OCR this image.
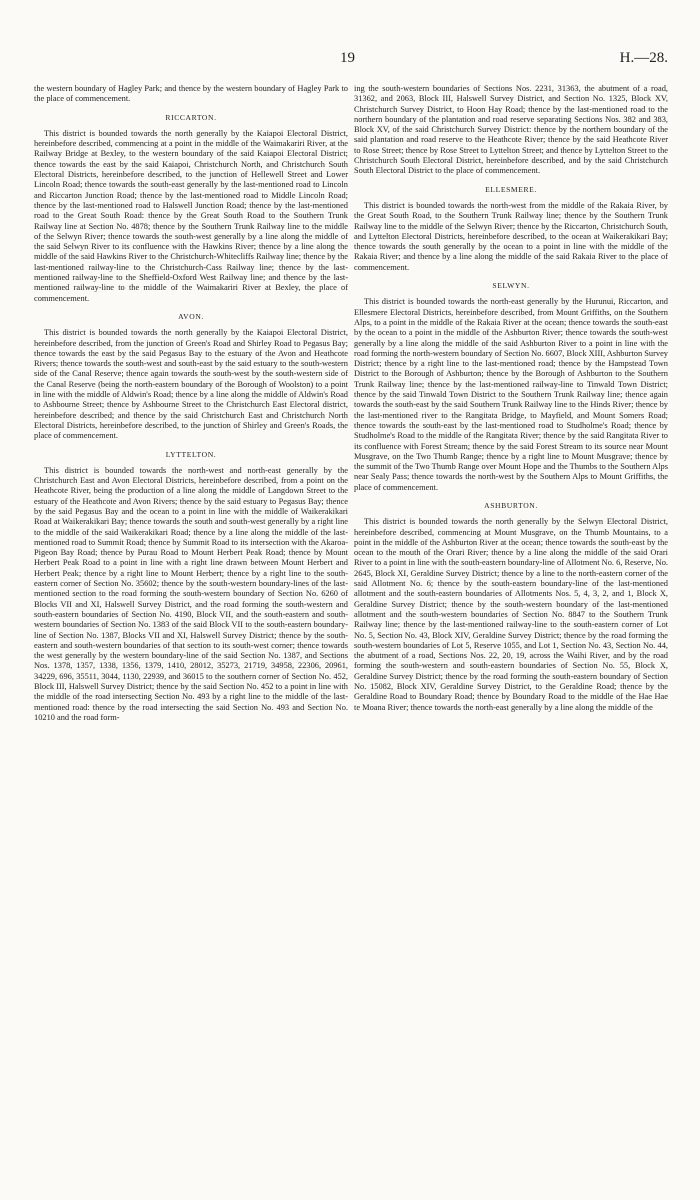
19	H.—28.

the western boundary of Hagley Park; and thence by the western boundary of Hagley Park to the place of commencement.

RICCARTON.

This district is bounded towards the north generally by the Kaiapoi Electoral District, hereinbefore described, commencing at a point in the middle of the Waimakariri River, at the Railway Bridge at Bexley, to the western boundary of the said Kaiapoi Electoral District; thence towards the east by the said Kaiapoi, Christchurch North, and Christchurch South Electoral Districts, hereinbefore described, to the junction of Hellewell Street and Lower Lincoln Road; thence towards the south-east generally by the last-mentioned road to Lincoln and Riccarton Junction Road; thence by the last-mentioned road to Middle Lincoln Road; thence by the last-mentioned road to Halswell Junction Road; thence by the last-mentioned road to the Great South Road: thence by the Great South Road to the Southern Trunk Railway line at Section No. 4878; thence by the Southern Trunk Railway line to the middle of the Selwyn River; thence towards the south-west generally by a line along the middle of the said Selwyn River to its confluence with the Hawkins River; thence by a line along the middle of the said Hawkins River to the Christchurch-Whitecliffs Railway line; thence by the last-mentioned railway-line to the Christchurch-Cass Railway line; thence by the last-mentioned railway-line to the Sheffield-Oxford West Railway line; and thence by the last-mentioned railway-line to the middle of the Waimakariri River at Bexley, the place of commencement.

AVON.

This district is bounded towards the north generally by the Kaiapoi Electoral District, hereinbefore described, from the junction of Green's Road and Shirley Road to Pegasus Bay; thence towards the east by the said Pegasus Bay to the estuary of the Avon and Heathcote Rivers; thence towards the south-west and south-east by the said estuary to the south-western side of the Canal Reserve; thence again towards the south-west by the south-western side of the Canal Reserve (being the north-eastern boundary of the Borough of Woolston) to a point in line with the middle of Aldwin's Road; thence by a line along the middle of Aldwin's Road to Ashbourne Street; thence by Ashbourne Street to the Christchurch East Electoral district, hereinbefore described; and thence by the said Christchurch East and Christchurch North Electoral Districts, hereinbefore described, to the junction of Shirley and Green's Roads, the place of commencement.

LYTTELTON.

This district is bounded towards the north-west and north-east generally by the Christchurch East and Avon Electoral Districts, hereinbefore described, from a point on the Heathcote River, being the production of a line along the middle of Langdown Street to the estuary of the Heathcote and Avon Rivers; thence by the said estuary to Pegasus Bay; thence by the said Pegasus Bay and the ocean to a point in line with the middle of Waikerakikari Road at Waikerakikari Bay; thence towards the south and south-west generally by a right line to the middle of the said Waikerakikari Road; thence by a line along the middle of the last-mentioned road to Summit Road; thence by Summit Road to its intersection with the Akaroa-Pigeon Bay Road; thence by Purau Road to Mount Herbert Peak Road; thence by Mount Herbert Peak Road to a point in line with a right line drawn between Mount Herbert and Herbert Peak; thence by a right line to Mount Herbert; thence by a right line to the south-eastern corner of Section No. 35602; thence by the south-western boundary-lines of the last-mentioned section to the road forming the south-western boundary of Section No. 6260 of Blocks VII and XI, Halswell Survey District, and the road forming the south-western and south-eastern boundaries of Section No. 4190, Block VII, and the south-eastern and south-western boundaries of Section No. 1383 of the said Block VII to the south-eastern boundary-line of Section No. 1387, Blocks VII and XI, Halswell Survey District; thence by the south-eastern and south-western boundaries of that section to its south-west corner; thence towards the west generally by the western boundary-line of the said Section No. 1387, and Sections Nos. 1378, 1357, 1338, 1356, 1379, 1410, 28012, 35273, 21719, 34958, 22306, 20961, 34229, 696, 35511, 3044, 1130, 22939, and 36015 to the southern corner of Section No. 452, Block III, Halswell Survey District; thence by the said Section No. 452 to a point in line with the middle of the road intersecting Section No. 493 by a right line to the middle of the last-mentioned road: thence by the road intersecting the said Section No. 493 and Section No. 10210 and the road form-

ing the south-western boundaries of Sections Nos. 2231, 31363, the abutment of a road, 31362, and 2063, Block III, Halswell Survey District, and Section No. 1325, Block XV, Christchurch Survey District, to Hoon Hay Road; thence by the last-mentioned road to the northern boundary of the plantation and road reserve separating Sections Nos. 382 and 383, Block XV, of the said Christchurch Survey District: thence by the northern boundary of the said plantation and road reserve to the Heathcote River; thence by the said Heathcote River to Rose Street; thence by Rose Street to Lyttelton Street; and thence by Lyttelton Street to the Christchurch South Electoral District, hereinbefore described, and by the said Christchurch South Electoral District to the place of commencement.

ELLESMERE.

This district is bounded towards the north-west from the middle of the Rakaia River, by the Great South Road, to the Southern Trunk Railway line; thence by the Southern Trunk Railway line to the middle of the Selwyn River; thence by the Riccarton, Christchurch South, and Lyttelton Electoral Districts, hereinbefore described, to the ocean at Waikerakikari Bay; thence towards the south generally by the ocean to a point in line with the middle of the Rakaia River; and thence by a line along the middle of the said Rakaia River to the place of commencement.

SELWYN.

This district is bounded towards the north-east generally by the Hurunui, Riccarton, and Ellesmere Electoral Districts, hereinbefore described, from Mount Griffiths, on the Southern Alps, to a point in the middle of the Rakaia River at the ocean; thence towards the south-east by the ocean to a point in the middle of the Ashburton River; thence towards the south-west generally by a line along the middle of the said Ashburton River to a point in line with the road forming the north-western boundary of Section No. 6607, Block XIII, Ashburton Survey District; thence by a right line to the last-mentioned road; thence by the Hampstead Town District to the Borough of Ashburton; thence by the Borough of Ashburton to the Southern Trunk Railway line; thence by the last-mentioned railway-line to Tinwald Town District; thence by the said Tinwald Town District to the Southern Trunk Railway line; thence again towards the south-east by the said Southern Trunk Railway line to the Hinds River; thence by the last-mentioned river to the Rangitata Bridge, to Mayfield, and Mount Somers Road; thence towards the south-east by the last-mentioned road to Studholme's Road; thence by Studholme's Road to the middle of the Rangitata River; thence by the said Rangitata River to its confluence with Forest Stream; thence by the said Forest Stream to its source near Mount Musgrave, on the Two Thumb Range; thence by a right line to Mount Musgrave; thence by the summit of the Two Thumb Range over Mount Hope and the Thumbs to the Southern Alps near Sealy Pass; thence towards the north-west by the Southern Alps to Mount Griffiths, the place of commencement.

ASHBURTON.

This district is bounded towards the north generally by the Selwyn Electoral District, hereinbefore described, commencing at Mount Musgrave, on the Thumb Mountains, to a point in the middle of the Ashburton River at the ocean; thence towards the south-east by the ocean to the mouth of the Orari River; thence by a line along the middle of the said Orari River to a point in line with the south-eastern boundary-line of Allotment No. 6, Reserve, No. 2645, Block XI, Geraldine Survey District; thence by a line to the north-eastern corner of the said Allotment No. 6; thence by the south-eastern boundary-line of the last-mentioned allotment and the south-eastern boundaries of Allotments Nos. 5, 4, 3, 2, and 1, Block X, Geraldine Survey District; thence by the south-western boundary of the last-mentioned allotment and the south-western boundaries of Section No. 8847 to the Southern Trunk Railway line; thence by the last-mentioned railway-line to the south-eastern corner of Lot No. 5, Section No. 43, Block XIV, Geraldine Survey District; thence by the road forming the south-western boundaries of Lot 5, Reserve 1055, and Lot 1, Section No. 43, Section No. 44, the abutment of a road, Sections Nos. 22, 20, 19, across the Waihi River, and by the road forming the south-western and south-eastern boundaries of Section No. 55, Block X, Geraldine Survey District; thence by the road forming the south-eastern boundary of Section No. 15082, Block XIV, Geraldine Survey District, to the Geraldine Road; thence by the Geraldine Road to Boundary Road; thence by Boundary Road to the middle of the Hae Hae te Moana River; thence towards the north-east generally by a line along the middle of the
